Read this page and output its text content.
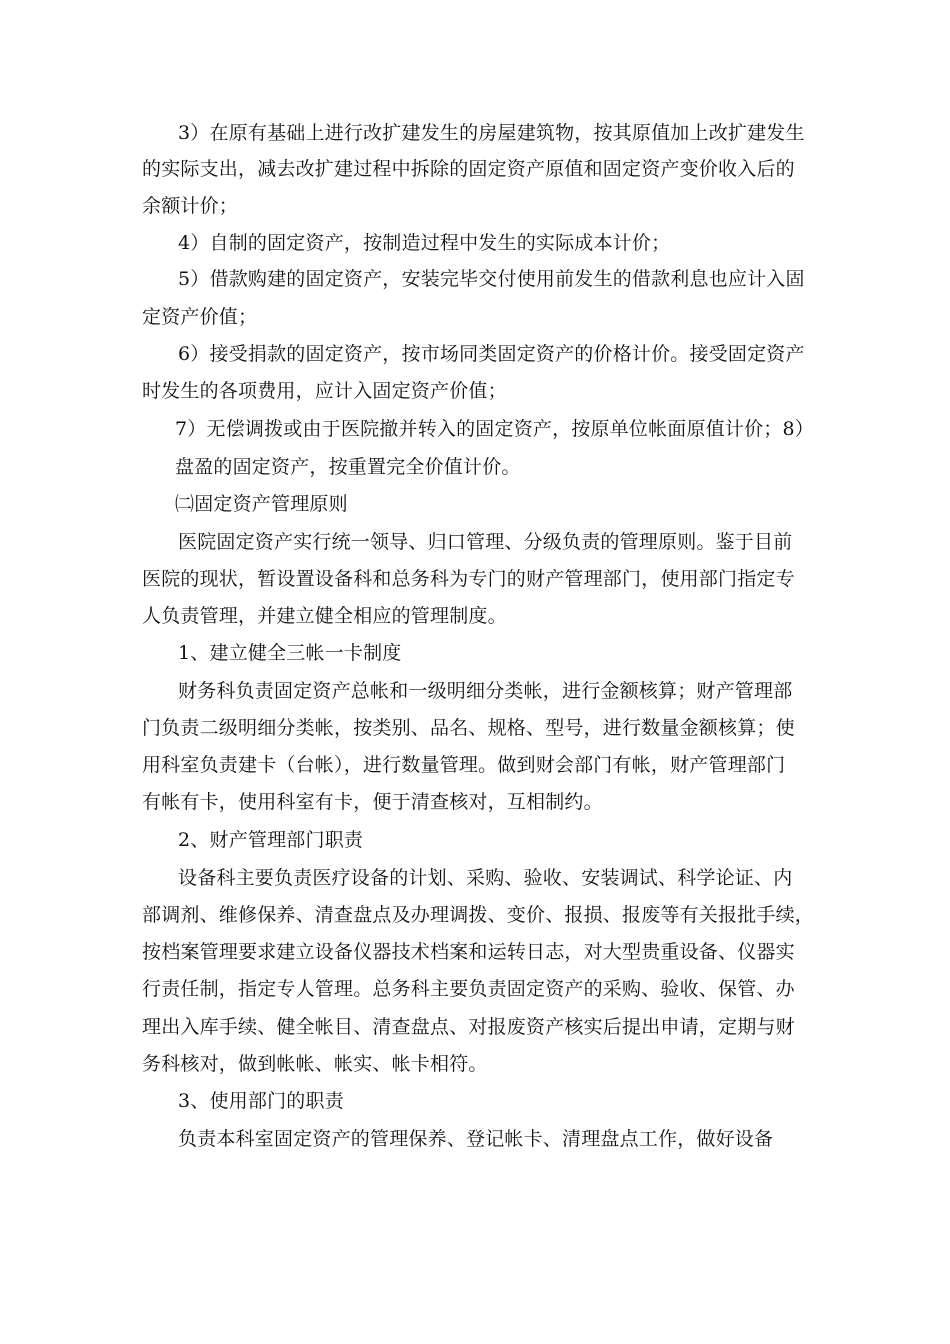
3）在原有基础上进行改扩建发生的房屋建筑物，按其原值加上改扩建发生
的实际支出，减去改扩建过程中拆除的固定资产原值和固定资产变价收入后的
余额计价；
4）自制的固定资产，按制造过程中发生的实际成本计价；
5）借款购建的固定资产，安装完毕交付使用前发生的借款利息也应计入固
定资产价值；
6）接受捐款的固定资产，按市场同类固定资产的价格计价。接受固定资产
时发生的各项费用，应计入固定资产价值；
7）无偿调拨或由于医院撤并转入的固定资产，按原单位帐面原值计价；8）
盘盈的固定资产，按重置完全价值计价。
㈡固定资产管理原则
医院固定资产实行统一领导、归口管理、分级负责的管理原则。鉴于目前
医院的现状，暂设置设备科和总务科为专门的财产管理部门，使用部门指定专
人负责管理，并建立健全相应的管理制度。
1、建立健全三帐一卡制度
财务科负责固定资产总帐和一级明细分类帐，进行金额核算；财产管理部
门负责二级明细分类帐，按类别、品名、规格、型号，进行数量金额核算；使
用科室负责建卡（台帐），进行数量管理。做到财会部门有帐，财产管理部门
有帐有卡，使用科室有卡，便于清查核对，互相制约。
2、财产管理部门职责
设备科主要负责医疗设备的计划、采购、验收、安装调试、科学论证、内
部调剂、维修保养、清查盘点及办理调拨、变价、报损、报废等有关报批手续，
按档案管理要求建立设备仪器技术档案和运转日志，对大型贵重设备、仪器实
行责任制，指定专人管理。总务科主要负责固定资产的采购、验收、保管、办
理出入库手续、健全帐目、清查盘点、对报废资产核实后提出申请，定期与财
务科核对，做到帐帐、帐实、帐卡相符。
3、使用部门的职责
负责本科室固定资产的管理保养、登记帐卡、清理盘点工作，做好设备
